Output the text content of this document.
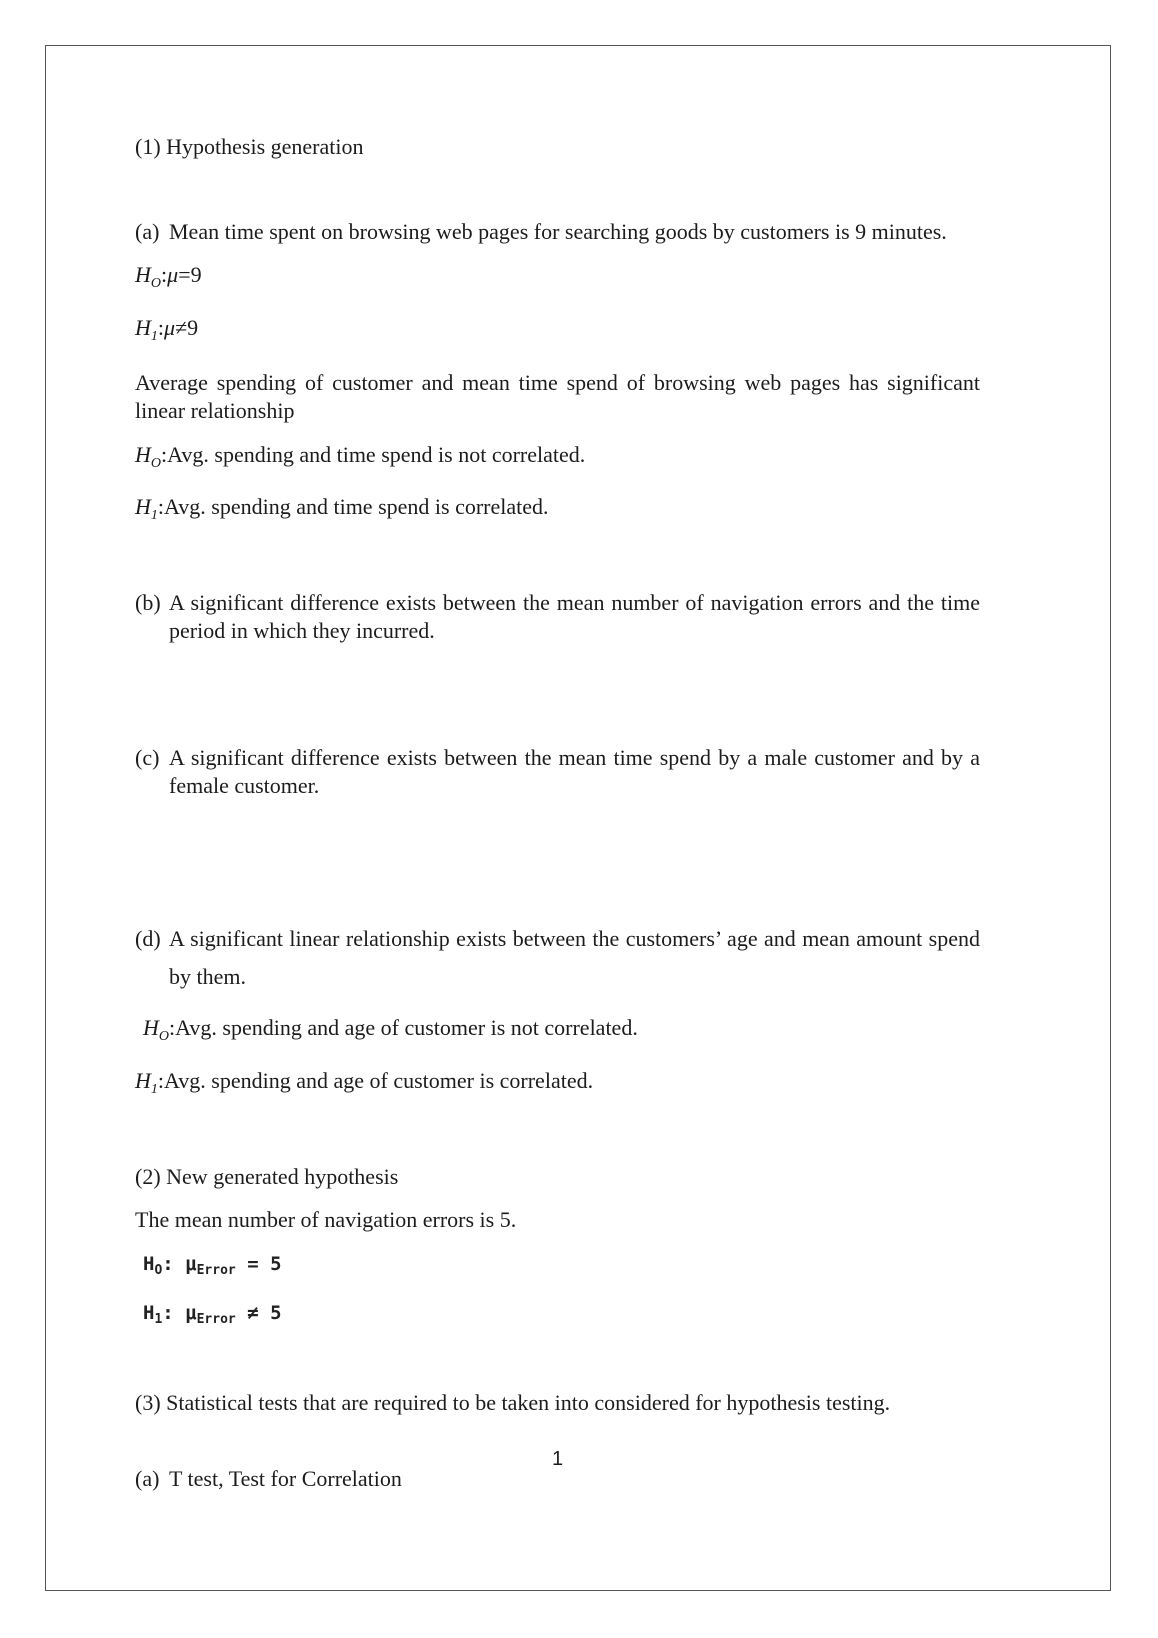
(1) Hypothesis generation

(a) Mean time spent on browsing web pages for searching goods by customers is 9 minutes.

$H_O:\mu=9$

$H_1:\mu\ne 9$

Average spending of customer and mean time spend of browsing web pages has significant linear relationship

$H_O:Avg$. spending and time spend is not correlated.

$H_1:Avg$. spending and time spend is correlated.

(b) A significant difference exists between the mean number of navigation errors and the time period in which they incurred.
(c) A significant difference exists between the mean time spend by a male customer and by a female customer.
(d) A significant linear relationship exists between the customers’ age and mean amount spend by them.

$H_O:Avg$. spending and age of customer is not correlated.

$H_1:Avg$. spending and age of customer is correlated.

(2) New generated hypothesis

The mean number of navigation errors is 5.

$H_O$: $\mu_{Error} = 5$

$H_1$: $\mu_{Error} \ne 5$

(3) Statistical tests that are required to be taken into considered for hypothesis testing.

(a) T test, Test for Correlation
1
